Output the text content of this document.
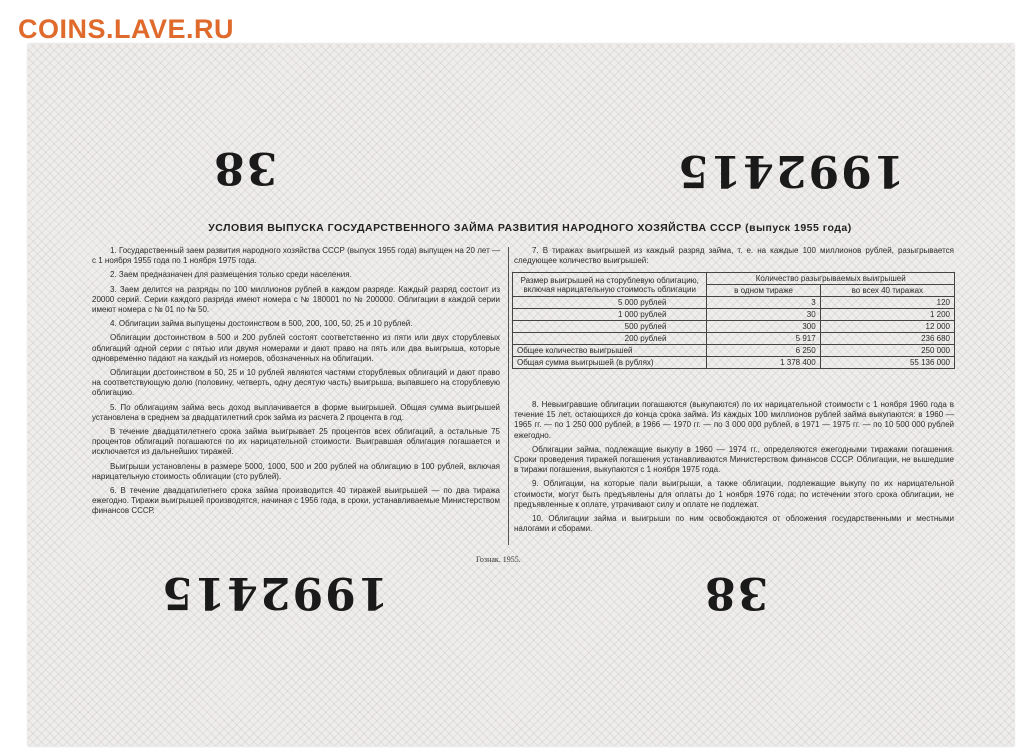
COINS.LAVE.RU
38	1992415
1992415	38
УСЛОВИЯ ВЫПУСКА ГОСУДАРСТВЕННОГО ЗАЙМА РАЗВИТИЯ НАРОДНОГО ХОЗЯЙСТВА СССР (выпуск 1955 года)

1. Государственный заем развития народного хозяйства СССР (выпуск 1955 года) выпущен на 20 лет — с 1 ноября 1955 года по 1 ноября 1975 года.

2. Заем предназначен для размещения только среди населения.

3. Заем делится на разряды по 100 миллионов рублей в каждом разряде. Каждый разряд состоит из 20000 серий. Серии каждого разряда имеют номера с № 180001 по № 200000. Облигации в каждой серии имеют номера с № 01 по № 50.

4. Облигации займа выпущены достоинством в 500, 200, 100, 50, 25 и 10 рублей.

Облигации достоинством в 500 и 200 рублей состоят соответственно из пяти или двух сторублевых облигаций одной серии с пятью или двумя номерами и дают право на пять или два выигрыша, которые одновременно падают на каждый из номеров, обозначенных на облигации.

Облигации достоинством в 50, 25 и 10 рублей являются частями сторублевых облигаций и дают право на соответствующую долю (половину, четверть, одну десятую часть) выигрыша, выпавшего на сторублевую облигацию.

5. По облигациям займа весь доход выплачивается в форме выигрышей. Общая сумма выигрышей установлена в среднем за двадцатилетний срок займа из расчета 2 процента в год.

В течение двадцатилетнего срока займа выигрывает 25 процентов всех облигаций, а остальные 75 процентов облигаций погашаются по их нарицательной стоимости. Выигравшая облигация погашается и исключается из дальнейших тиражей.

Выигрыши установлены в размере 5000, 1000, 500 и 200 рублей на облигацию в 100 рублей, включая нарицательную стоимость облигации (сто рублей).

6. В течение двадцатилетнего срока займа производится 40 тиражей выигрышей — по два тиража ежегодно. Тиражи выигрышей производятся, начиная с 1956 года, в сроки, устанавливаемые Министерством финансов СССР.

7. В тиражах выигрышей из каждый разряд займа, т. е. на каждые 100 миллионов рублей, разыгрывается следующее количество выигрышей:

Размер выигрышей на сторублевую облигацию, включая нарицательную стоимость облигации	Количество разыгрываемых выигрышей	
	в одном тираже	во всех 40 тиражах
5 000 рублей	3	120
1 000 рублей	30	1 200
500 рублей	300	12 000
200 рублей	5 917	236 680
Общее количество выигрышей	6 250	250 000
Общая сумма выигрышей (в рублях)	1 378 400	55 136 000

8. Невыигравшие облигации погашаются (выкупаются) по их нарицательной стоимости с 1 ноября 1960 года в течение 15 лет, остающихся до конца срока займа. Из каждых 100 миллионов рублей займа выкупаются: в 1960 — 1965 гг. — по 1 250 000 рублей, в 1966 — 1970 гг. — по 3 000 000 рублей, в 1971 — 1975 гг. — по 10 500 000 рублей ежегодно.

Облигации займа, подлежащие выкупу в 1960 — 1974 гг., определяются ежегодными тиражами погашения. Сроки проведения тиражей погашения устанавливаются Министерством финансов СССР. Облигации, не вышедшие в тиражи погашения, выкупаются с 1 ноября 1975 года.

9. Облигации, на которые пали выигрыши, а также облигации, подлежащие выкупу по их нарицательной стоимости, могут быть предъявлены для оплаты до 1 ноября 1976 года; по истечении этого срока облигации, не предъявленные к оплате, утрачивают силу и оплате не подлежат.

10. Облигации займа и выигрыши по ним освобождаются от обложения государственными и местными налогами и сборами.

Гознак. 1955.
